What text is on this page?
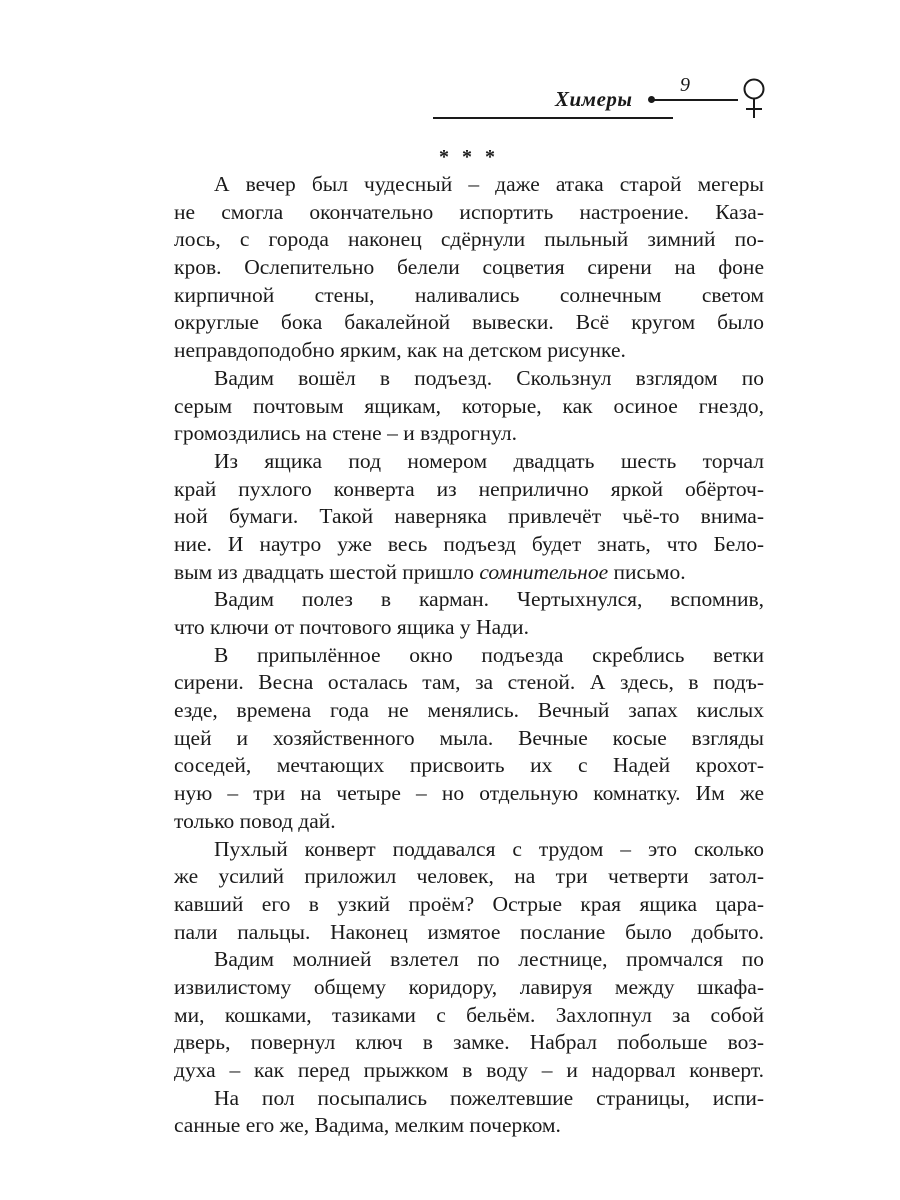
Химеры
9

* * *

А вечер был чудесный – даже атака старой мегеры
не смогла окончательно испортить настроение. Каза-
лось, с города наконец сдёрнули пыльный зимний по-
кров. Ослепительно белели соцветия сирени на фоне
кирпичной стены, наливались солнечным светом
округлые бока бакалейной вывески. Всё кругом было
неправдоподобно ярким, как на детском рисунке.

Вадим вошёл в подъезд. Скользнул взглядом по
серым почтовым ящикам, которые, как осиное гнездо,
громоздились на стене – и вздрогнул.

Из ящика под номером двадцать шесть торчал
край пухлого конверта из неприлично яркой обёрточ-
ной бумаги. Такой наверняка привлечёт чьё-то внима-
ние. И наутро уже весь подъезд будет знать, что Бело-
вым из двадцать шестой пришло сомнительное письмо.

Вадим полез в карман. Чертыхнулся, вспомнив,
что ключи от почтового ящика у Нади.

В припылённое окно подъезда скреблись ветки
сирени. Весна осталась там, за стеной. А здесь, в подъ-
езде, времена года не менялись. Вечный запах кислых
щей и хозяйственного мыла. Вечные косые взгляды
соседей, мечтающих присвоить их с Надей крохот-
ную – три на четыре – но отдельную комнатку. Им же
только повод дай.

Пухлый конверт поддавался с трудом – это сколько
же усилий приложил человек, на три четверти затол-
кавший его в узкий проём? Острые края ящика цара-
пали пальцы. Наконец измятое послание было добыто.

Вадим молнией взлетел по лестнице, промчался по
извилистому общему коридору, лавируя между шкафа-
ми, кошками, тазиками с бельём. Захлопнул за собой
дверь, повернул ключ в замке. Набрал побольше воз-
духа – как перед прыжком в воду – и надорвал конверт.

На пол посыпались пожелтевшие страницы, испи-
санные его же, Вадима, мелким почерком.
